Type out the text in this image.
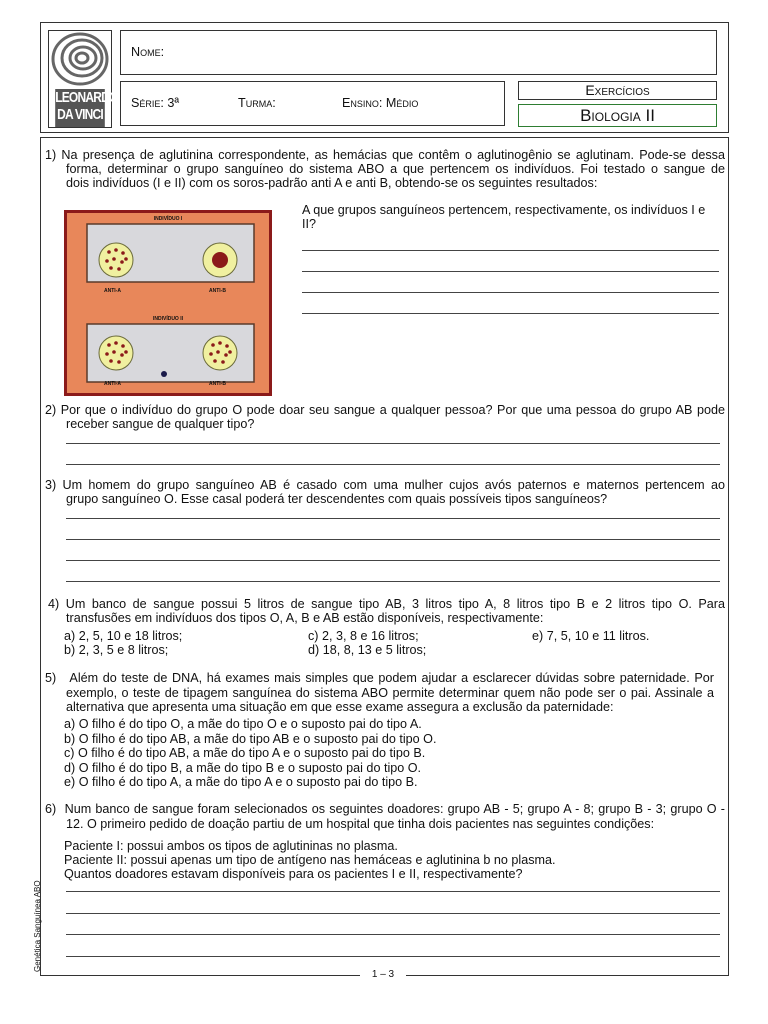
LEONARDO
DA VINCI
Nome:
Série: 3ª	Turma:	Ensino: Médio
Exercícios
Biologia II
1 – 3
Genética Sanguínea ABO
1) Na presença de aglutinina correspondente, as hemácias que contêm o aglutinogênio se aglutinam. Pode-se dessa
forma, determinar o grupo sanguíneo do sistema ABO a que pertencem os indivíduos. Foi testado o sangue de
dois indivíduos (I e II) com os soros-padrão anti A e anti B, obtendo-se os seguintes resultados:
INDIVÍDUO I
INDIVÍDUO II
ANTI-A	ANTI-B
ANTI-A	ANTI-B
A que grupos sanguíneos pertencem, respectivamente, os indivíduos I e
II?
2) Por que o indivíduo do grupo O pode doar seu sangue a qualquer pessoa? Por que uma pessoa do grupo AB pode
receber sangue de qualquer tipo?
3) Um homem do grupo sanguíneo AB é casado com uma mulher cujos avós paternos e maternos pertencem ao
grupo sanguíneo O. Esse casal poderá ter descendentes com quais possíveis tipos sanguíneos?
4) Um banco de sangue possui 5 litros de sangue tipo AB, 3 litros tipo A, 8 litros tipo B e 2 litros tipo O. Para
transfusões em indivíduos dos tipos O, A, B e AB estão disponíveis, respectivamente:
a) 2, 5, 10 e 18 litros;
b) 2, 3, 5 e 8 litros;
c) 2, 3, 8 e 16 litros;
d) 18, 8, 13 e 5 litros;
e) 7, 5, 10 e 11 litros.
5)   Além do teste de DNA, há exames mais simples que podem ajudar a esclarecer dúvidas sobre paternidade. Por
exemplo, o teste de tipagem sanguínea do sistema ABO permite determinar quem não pode ser o pai. Assinale a
alternativa que apresenta uma situação em que esse exame assegura a exclusão da paternidade:
a) O filho é do tipo O, a mãe do tipo O e o suposto pai do tipo A.
b) O filho é do tipo AB, a mãe do tipo AB e o suposto pai do tipo O.
c) O filho é do tipo AB, a mãe do tipo A e o suposto pai do tipo B.
d) O filho é do tipo B, a mãe do tipo B e o suposto pai do tipo O.
e) O filho é do tipo A, a mãe do tipo A e o suposto pai do tipo B.
6)  Num banco de sangue foram selecionados os seguintes doadores: grupo AB - 5; grupo A - 8; grupo B - 3; grupo O -
12. O primeiro pedido de doação partiu de um hospital que tinha dois pacientes nas seguintes condições:
Paciente I: possui ambos os tipos de aglutininas no plasma.
Paciente II: possui apenas um tipo de antígeno nas hemáceas e aglutinina b no plasma.
Quantos doadores estavam disponíveis para os pacientes I e II, respectivamente?
